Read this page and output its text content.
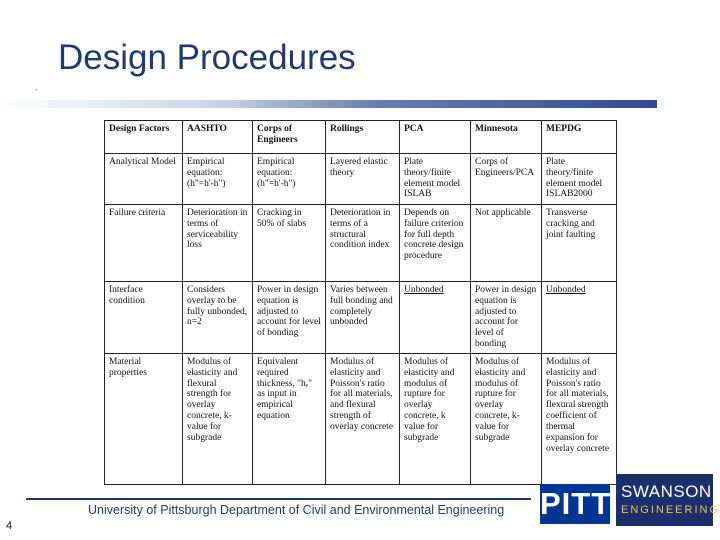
Design Procedures
`
Design Factors	AASHTO	Corps of Engineers	Rollings	PCA	Minnesota	MEPDG
Analytical Model	Empirical equation: (h"=h'-h")	Empirical equation: (h"=h'-h")	Layered elastic theory	Plate theory/finite element model ISLAB	Corps of Engineers/PCA	Plate theory/finite element model ISLAB2000
Failure criteria	Deterioration in terms of serviceability loss	Cracking in 50% of slabs	Deterioration in terms of a structural condition index	Depends on failure criterion for full depth concrete design procedure	Not applicable	Transverse cracking and joint faulting
Interface condition	Considers overlay to be fully unbonded, n=2	Power in design equation is adjusted to account for level of bonding	Varies between full bonding and completely unbonded	Unbonded	Power in design equation is adjusted to account for level of bonding	Unbonded
Material properties	Modulus of elasticity and flexural strength for overlay concrete, k-value for subgrade	Equivalent required thickness, "hₑ" as input in empirical equation	Modulus of elasticity and Poisson's ratio for all materials, and flexural strength of overlay concrete	Modulus of elasticity and modulus of rupture for overlay concrete, k value for subgrade	Modulus of elasticity and modulus of rupture for overlay concrete, k-value for subgrade	Modulus of elasticity and Poisson's ratio for all materials, flexural strength coefficient of thermal expansion for overlay concrete
University of Pittsburgh Department of Civil and Environmental Engineering
4
PITT SWANSON
ENGINEERING
